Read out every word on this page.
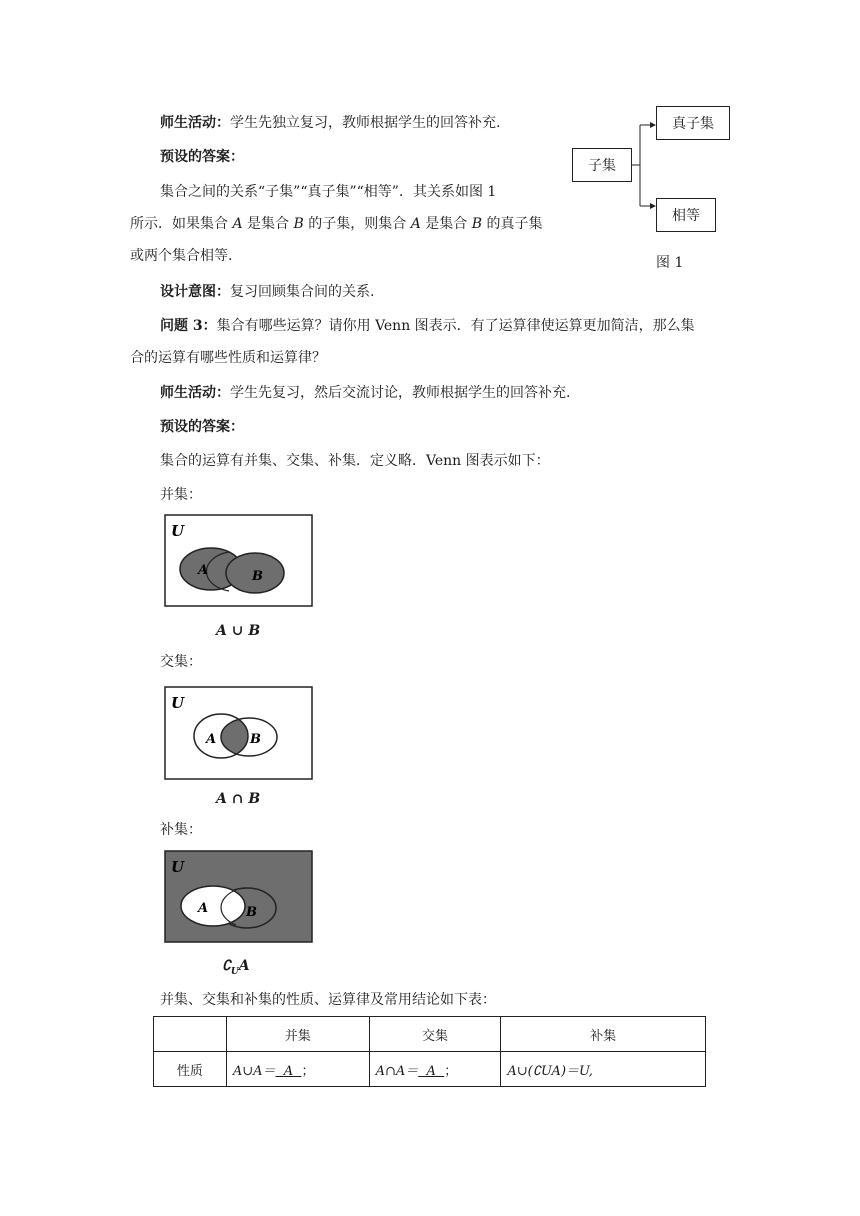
师生活动：学生先独立复习，教师根据学生的回答补充.
预设的答案：
集合之间的关系“子集”“真子集”“相等”．其关系如图 1
所示．如果集合 A 是集合 B 的子集，则集合 A 是集合 B 的真子集
或两个集合相等.
子集
真子集
相等
图 1
设计意图：复习回顾集合间的关系.
问题 3：集合有哪些运算？请你用 Venn 图表示．有了运算律使运算更加简洁，那么集
合的运算有哪些性质和运算律？
师生活动：学生先复习，然后交流讨论，教师根据学生的回答补充.
预设的答案：
集合的运算有并集、交集、补集．定义略．Venn 图表示如下：
并集：
U
A	B
A ∪ B
交集：
U
A	B
A ∩ B
补集：
U
A	B
$∁_UA$
并集、交集和补集的性质、运算律及常用结论如下表：
	并集	交集	补集
性质	A∪A＝ A ；	A∩A＝ A ；	A∪(∁UA)＝U,
